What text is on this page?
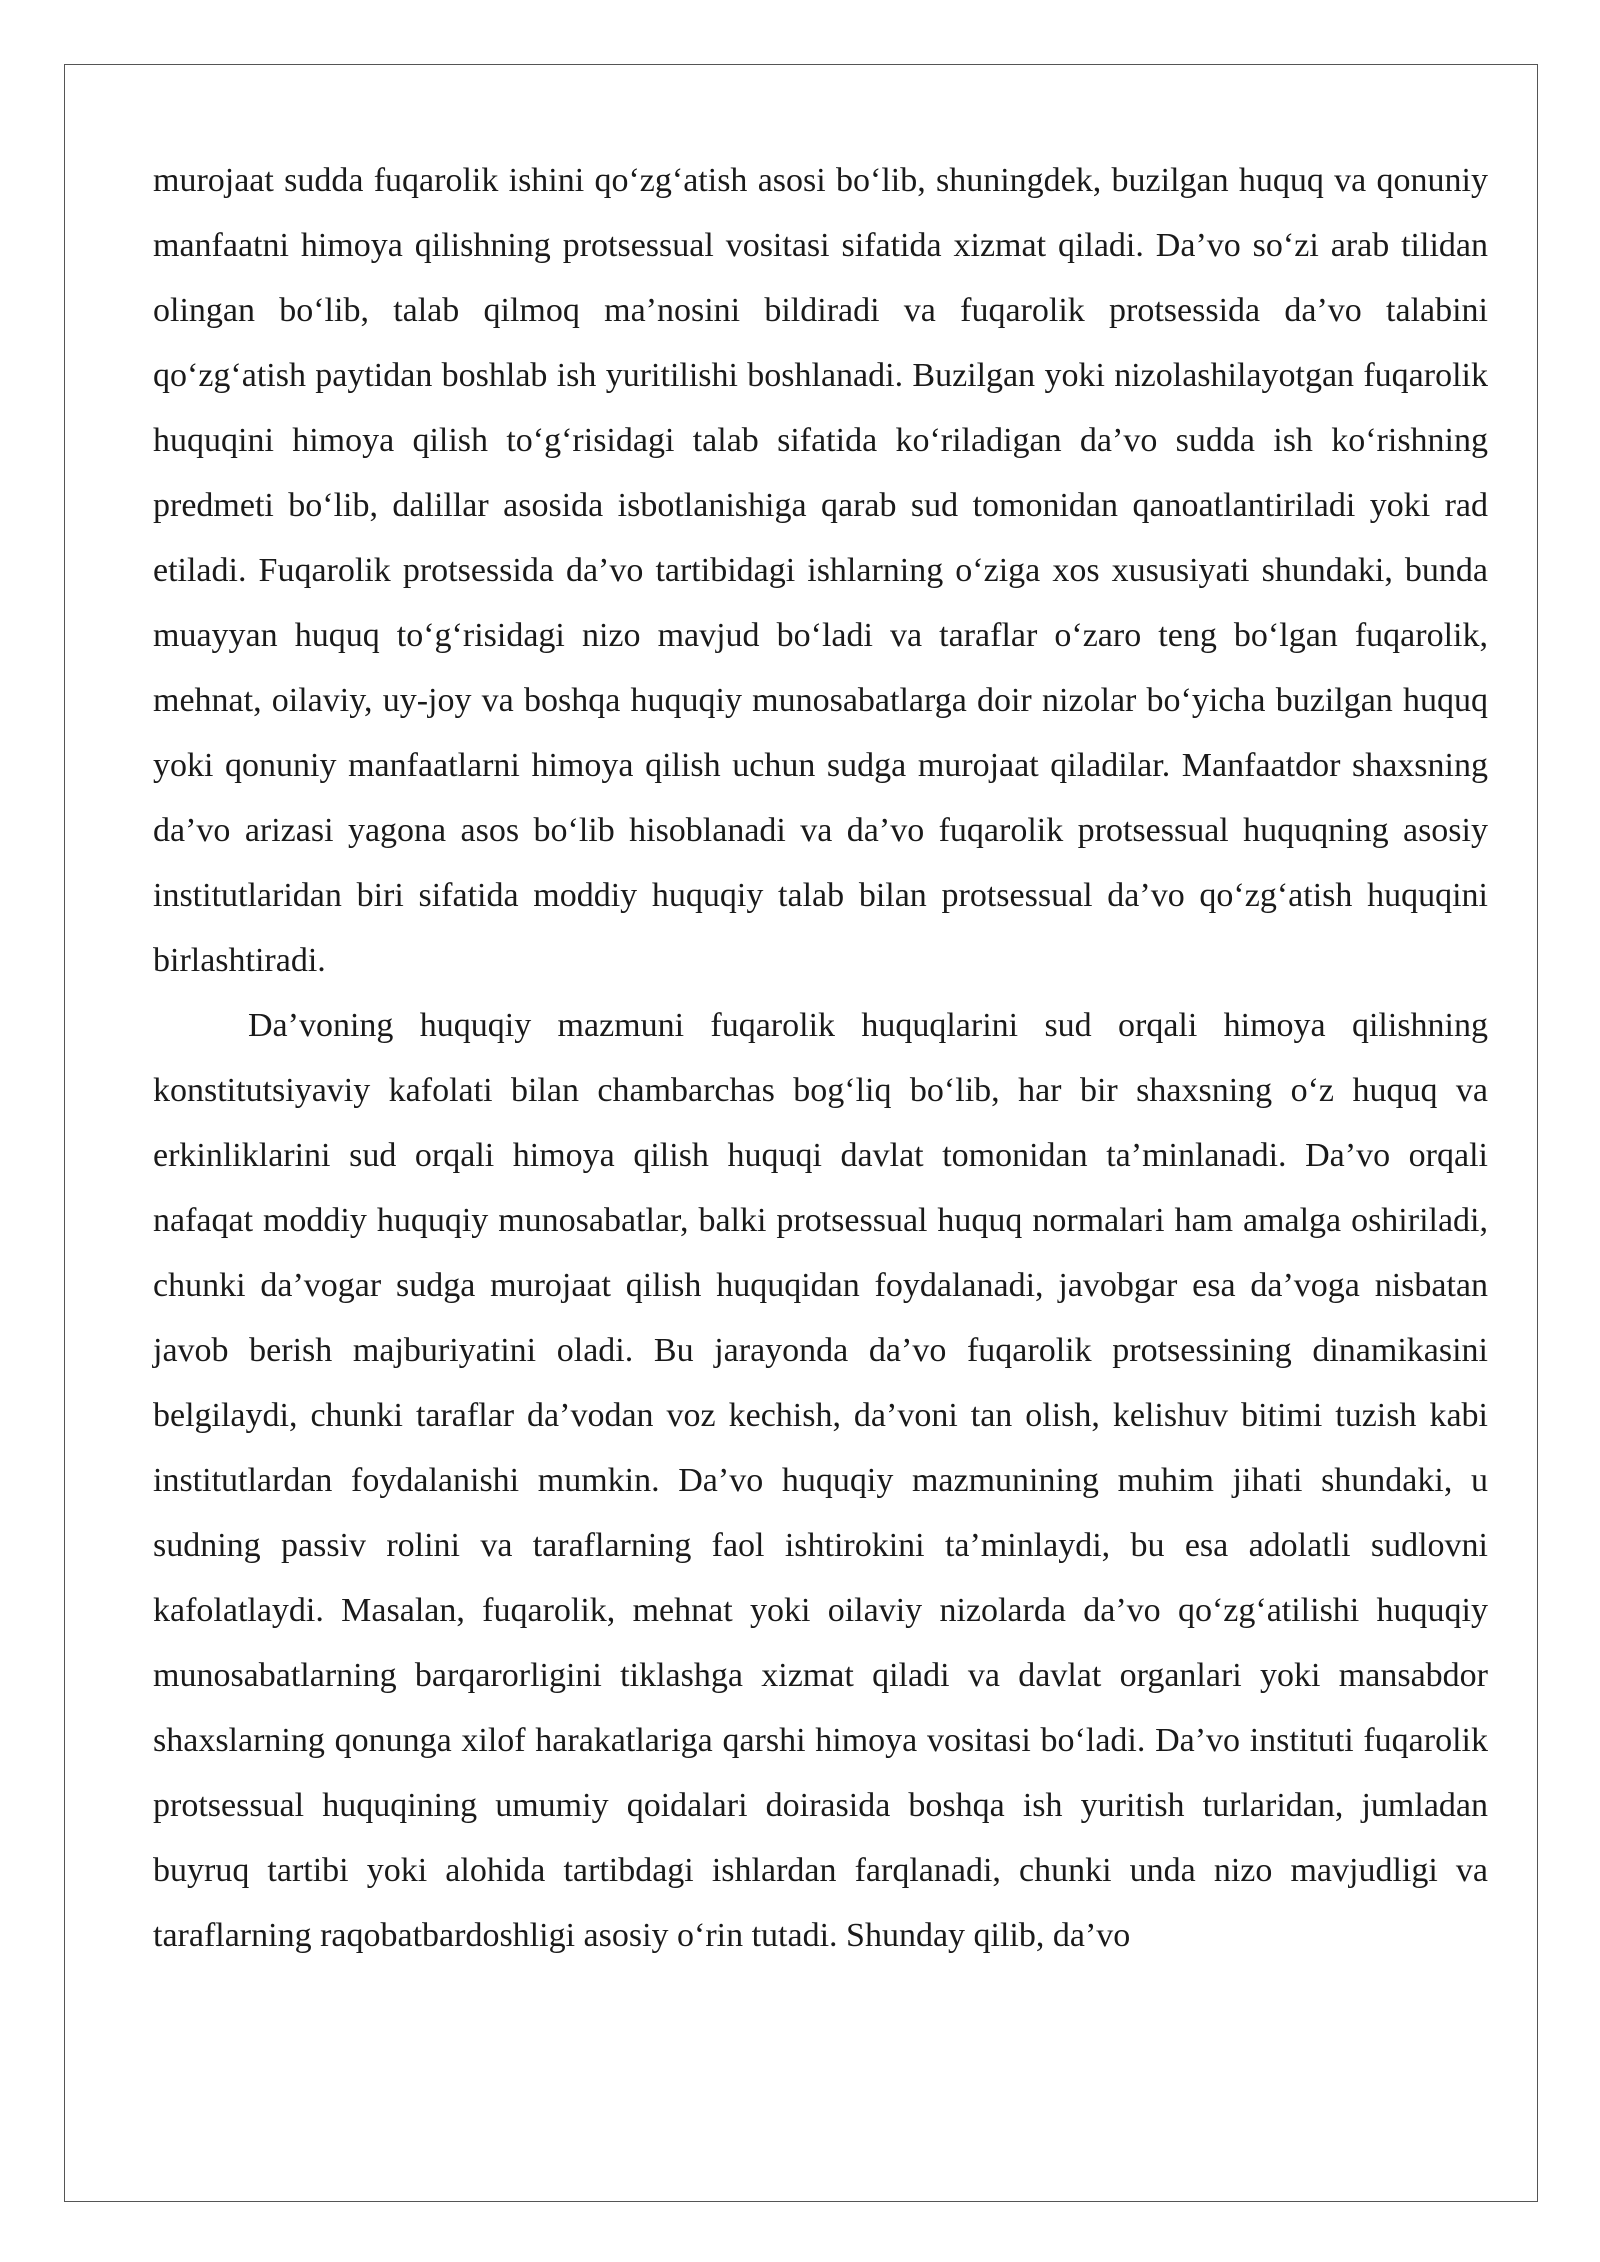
murojaat sudda fuqarolik ishini qo‘zg‘atish asosi bo‘lib, shuningdek, buzilgan huquq va qonuniy manfaatni himoya qilishning protsessual vositasi sifatida xizmat qiladi. Da’vo so‘zi arab tilidan olingan bo‘lib, talab qilmoq ma’nosini bildiradi va fuqarolik protsessida da’vo talabini qo‘zg‘atish paytidan boshlab ish yuritilishi boshlanadi. Buzilgan yoki nizolashilayotgan fuqarolik huquqini himoya qilish to‘g‘risidagi talab sifatida ko‘riladigan da’vo sudda ish ko‘rishning predmeti bo‘lib, dalillar asosida isbotlanishiga qarab sud tomonidan qanoatlantiriladi yoki rad etiladi. Fuqarolik protsessida da’vo tartibidagi ishlarning o‘ziga xos xususiyati shundaki, bunda muayyan huquq to‘g‘risidagi nizo mavjud bo‘ladi va taraflar o‘zaro teng bo‘lgan fuqarolik, mehnat, oilaviy, uy-joy va boshqa huquqiy munosabatlarga doir nizolar bo‘yicha buzilgan huquq yoki qonuniy manfaatlarni himoya qilish uchun sudga murojaat qiladilar. Manfaatdor shaxsning da’vo arizasi yagona asos bo‘lib hisoblanadi va da’vo fuqarolik protsessual huquqning asosiy institutlaridan biri sifatida moddiy huquqiy talab bilan protsessual da’vo qo‘zg‘atish huquqini birlashtiradi.

Da’voning huquqiy mazmuni fuqarolik huquqlarini sud orqali himoya qilishning konstitutsiyaviy kafolati bilan chambarchas bog‘liq bo‘lib, har bir shaxsning o‘z huquq va erkinliklarini sud orqali himoya qilish huquqi davlat tomonidan ta’minlanadi. Da’vo orqali nafaqat moddiy huquqiy munosabatlar, balki protsessual huquq normalari ham amalga oshiriladi, chunki da’vogar sudga murojaat qilish huquqidan foydalanadi, javobgar esa da’voga nisbatan javob berish majburiyatini oladi. Bu jarayonda da’vo fuqarolik protsessining dinamikasini belgilaydi, chunki taraflar da’vodan voz kechish, da’voni tan olish, kelishuv bitimi tuzish kabi institutlardan foydalanishi mumkin. Da’vo huquqiy mazmunining muhim jihati shundaki, u sudning passiv rolini va taraflarning faol ishtirokini ta’minlaydi, bu esa adolatli sudlovni kafolatlaydi. Masalan, fuqarolik, mehnat yoki oilaviy nizolarda da’vo qo‘zg‘atilishi huquqiy munosabatlarning barqarorligini tiklashga xizmat qiladi va davlat organlari yoki mansabdor shaxslarning qonunga xilof harakatlariga qarshi himoya vositasi bo‘ladi. Da’vo instituti fuqarolik protsessual huquqining umumiy qoidalari doirasida boshqa ish yuritish turlaridan, jumladan buyruq tartibi yoki alohida tartibdagi ishlardan farqlanadi, chunki unda nizo mavjudligi va taraflarning raqobatbardoshligi asosiy o‘rin tutadi. Shunday qilib, da’vo
